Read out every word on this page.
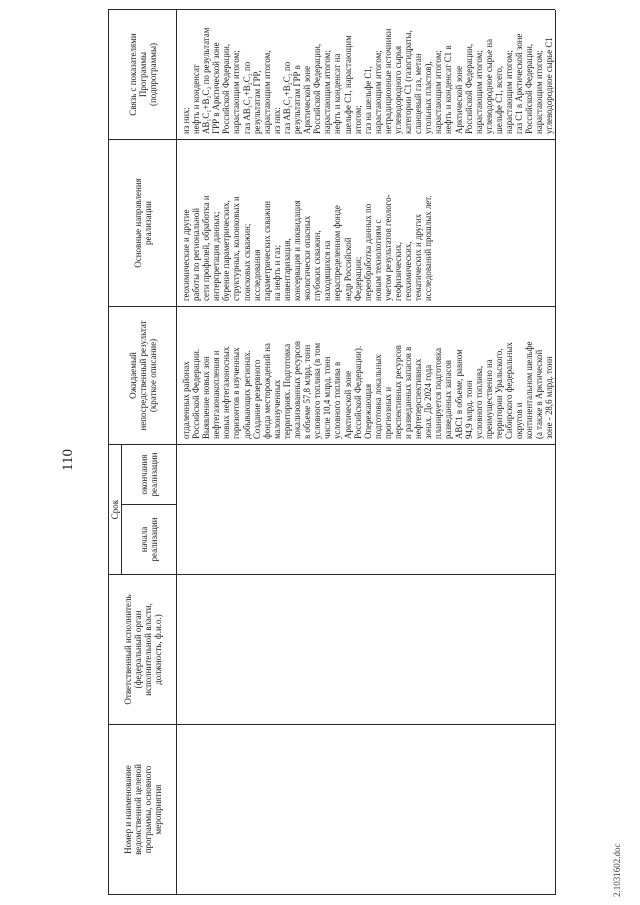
110
2.1031602.doc
Номер и наименование ведомственной целевой программы, основного мероприятия
Ответственный исполнитель (федеральный орган исполнительной власти, должность, ф.и.о.)
Срок
начала реализации
окончания реализации
Ожидаемый непосредственный результат (краткое описание)
Основные направления реализации
Связь с показателями Программы (подпрограммы)
отдаленных районах Российской Федерации. Выявление новых зон нефтегазонакопления и новых нефтегазоносных горизонтов в изученных добывающих регионах. Создание резервного фонда месторождений на малоизученных территориях. Подготовка локализованных ресурсов в объеме 57,8 млрд. тонн условного топлива (в том числе 10,4 млрд. тонн условного топлива в Арктической зоне Российской Федерации). Опережающая подготовка локальных прогнозных и перспективных ресурсов и разведанных запасов в нефтеперспективных зонах. До 2024 года планируется подготовка разведанных запасов АВС1 в объеме, равном 94,9 млрд. тонн условного топлива, преимущественно на территории Уральского, Сибирского федеральных округов и континентальном шельфе (а также в Арктической зоне - 28,6 млрд. тонн
геохимические и другие работы по региональной сети профилей, обработка и интерпретация данных; бурение параметрических, структурных, колонковых и поисковых скважин; исследования параметрических скважин на нефть и газ; инвентаризация, консервация и ликвидация экологически опасных глубоких скважин, находящихся на нераспределенном фонде недр Российской Федерации; переобработка данных по новым технологиям с учетом результатов геолого- геофизических, геохимических, тематических и других исследований прошлых лет.
из них: нефть и конденсат АВ₁С₁+В₂С₂ по результатам ГРР в Арктической зоне Российской Федерации, нарастающим итогом; газ АВ₁С₁+В₂С₂ по результатам ГРР, нарастающим итогом, из них: газ АВ₁С₁+В₂С₂ по результатам ГРР в Арктической зоне Российской Федерации, нарастающим итогом; нефть и конденсат на шельфе С1, нарастающим итогом; газ на шельфе С1, нарастающим итогом; нетрадиционные источники углеводородного сырья категории С1 (газогидраты, сланцевый газ, метан угольных пластов), нарастающим итогом; нефть и конденсат С1 в Арктической зоне Российской Федерации, нарастающим итогом; углеводородное сырье на шельфе С1, всего, нарастающим итогом; газ С1 в Арктической зоне Российской Федерации, нарастающим итогом; углеводородное сырье С1
